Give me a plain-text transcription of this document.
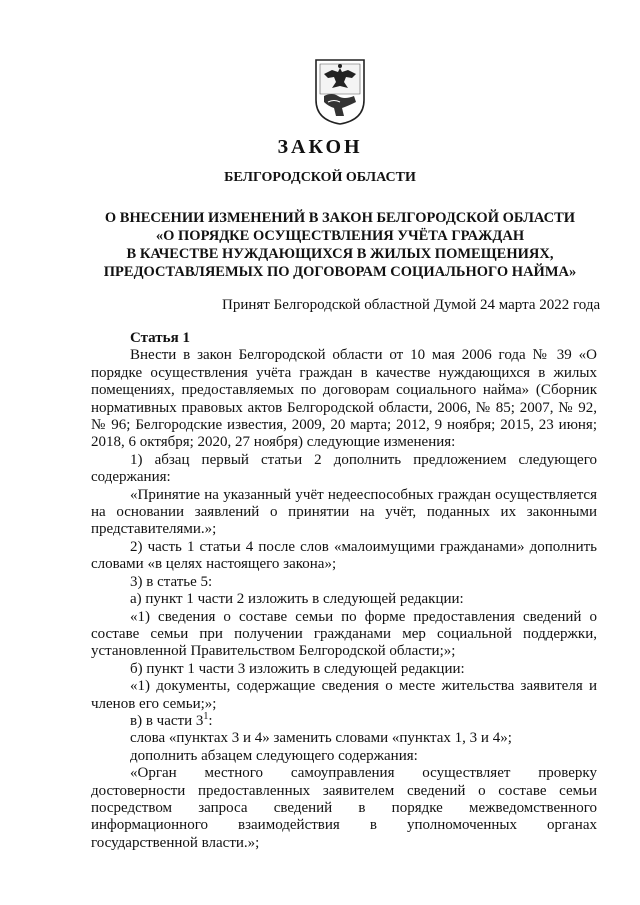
ЗАКОН
БЕЛГОРОДСКОЙ ОБЛАСТИ
О ВНЕСЕНИИ ИЗМЕНЕНИЙ В ЗАКОН БЕЛГОРОДСКОЙ ОБЛАСТИ
«О ПОРЯДКЕ ОСУЩЕСТВЛЕНИЯ УЧЁТА ГРАЖДАН
В КАЧЕСТВЕ НУЖДАЮЩИХСЯ В ЖИЛЫХ ПОМЕЩЕНИЯХ,
ПРЕДОСТАВЛЯЕМЫХ ПО ДОГОВОРАМ СОЦИАЛЬНОГО НАЙМА»
Принят Белгородской областной Думой 24 марта 2022 года

Статья 1

Внести в закон Белгородской области от 10 мая 2006 года № 39 «О порядке осуществления учёта граждан в качестве нуждающихся в жилых помещениях, предоставляемых по договорам социального найма» (Сборник нормативных правовых актов Белгородской области, 2006, № 85; 2007, № 92, № 96; Белгородские известия, 2009, 20 марта; 2012, 9 ноября; 2015, 23 июня; 2018, 6 октября; 2020, 27 ноября) следующие изменения:

1) абзац первый статьи 2 дополнить предложением следующего содержания:

«Принятие на указанный учёт недееспособных граждан осуществляется на основании заявлений о принятии на учёт, поданных их законными представителями.»;

2) часть 1 статьи 4 после слов «малоимущими гражданами» дополнить словами «в целях настоящего закона»;

3) в статье 5:

а) пункт 1 части 2 изложить в следующей редакции:

«1) сведения о составе семьи по форме предоставления сведений о составе семьи при получении гражданами мер социальной поддержки, установленной Правительством Белгородской области;»;

б) пункт 1 части 3 изложить в следующей редакции:

«1) документы, содержащие сведения о месте жительства заявителя и членов его семьи;»;

в) в части $3^1$:

слова «пунктах 3 и 4» заменить словами «пунктах 1, 3 и 4»;

дополнить абзацем следующего содержания:

«Орган местного самоуправления осуществляет проверку достоверности предоставленных заявителем сведений о составе семьи посредством запроса сведений в порядке межведомственного информационного взаимодействия в уполномоченных органах государственной власти.»;
